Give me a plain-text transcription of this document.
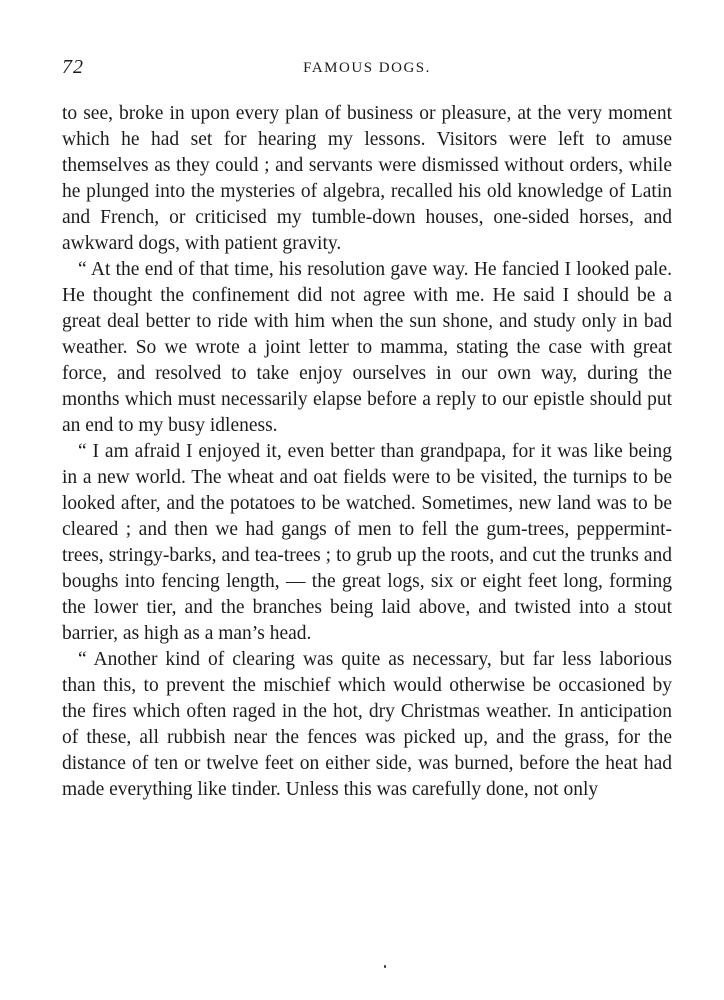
72	FAMOUS DOGS.

to see, broke in upon every plan of business or pleasure, at the very moment which he had set for hearing my lessons. Visitors were left to amuse themselves as they could ; and servants were dismissed without orders, while he plunged into the mysteries of algebra, recalled his old knowledge of Latin and French, or criticised my tumble-down houses, one-sided horses, and awkward dogs, with patient gravity.

“ At the end of that time, his resolution gave way. He fancied I looked pale. He thought the confinement did not agree with me. He said I should be a great deal better to ride with him when the sun shone, and study only in bad weather. So we wrote a joint letter to mamma, stating the case with great force, and resolved to take enjoy ourselves in our own way, during the months which must necessarily elapse before a reply to our epistle should put an end to my busy idleness.

“ I am afraid I enjoyed it, even better than grandpapa, for it was like being in a new world. The wheat and oat fields were to be visited, the turnips to be looked after, and the potatoes to be watched. Sometimes, new land was to be cleared ; and then we had gangs of men to fell the gum-trees, peppermint-trees, stringy-barks, and tea-trees ; to grub up the roots, and cut the trunks and boughs into fencing length, — the great logs, six or eight feet long, forming the lower tier, and the branches being laid above, and twisted into a stout barrier, as high as a man’s head.

“ Another kind of clearing was quite as necessary, but far less laborious than this, to prevent the mischief which would otherwise be occasioned by the fires which often raged in the hot, dry Christmas weather. In anticipation of these, all rubbish near the fences was picked up, and the grass, for the distance of ten or twelve feet on either side, was burned, before the heat had made everything like tinder. Unless this was carefully done, not only
